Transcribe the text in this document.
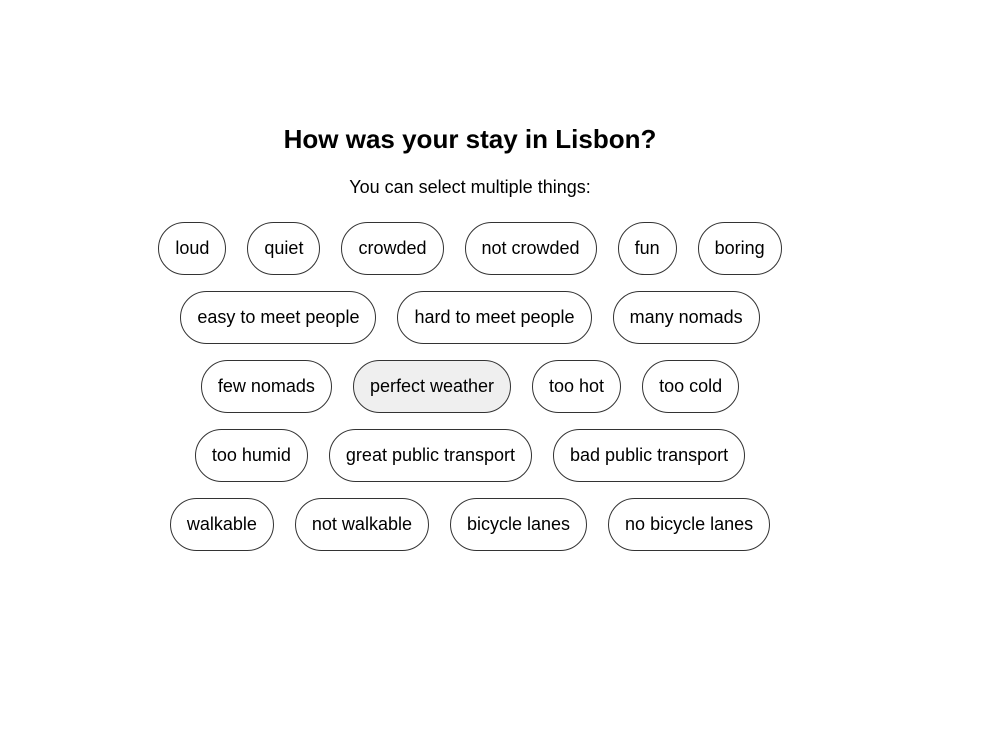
How was your stay in Lisbon?

You can select multiple things:

loud	quiet	crowded	not crowded	fun	boring
easy to meet people	hard to meet people	many nomads
few nomads	perfect weather	too hot	too cold
too humid	great public transport	bad public transport
walkable	not walkable	bicycle lanes	no bicycle lanes
